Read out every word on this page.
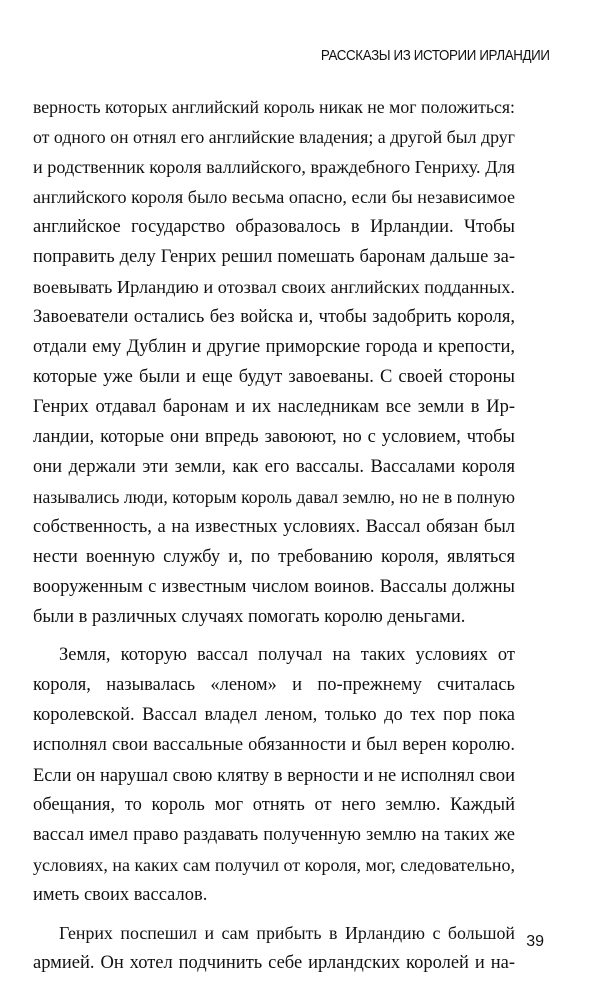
РАССКАЗЫ ИЗ ИСТОРИИ ИРЛАНДИИ
верность которых английский король никак не мог положиться:
от одного он отнял его английские владения; а другой был друг
и родственник короля валлийского, враждебного Генриху. Для
английского короля было весьма опасно, если бы независимое
английское государство образовалось в Ирландии. Чтобы
поправить делу Генрих решил помешать баронам дальше за-
воевывать Ирландию и отозвал своих английских подданных.
Завоеватели остались без войска и, чтобы задобрить короля,
отдали ему Дублин и другие приморские города и крепости,
которые уже были и еще будут завоеваны. С своей стороны
Генрих отдавал баронам и их наследникам все земли в Ир-
ландии, которые они впредь завоюют, но с условием, чтобы
они держали эти земли, как его вассалы. Вассалами короля
назывались люди, которым король давал землю, но не в полную
собственность, а на известных условиях. Вассал обязан был
нести военную службу и, по требованию короля, являться
вооруженным с известным числом воинов. Вассалы должны
были в различных случаях помогать королю деньгами.
Земля, которую вассал получал на таких условиях от
короля, называлась «леном» и по-прежнему считалась
королевской. Вассал владел леном, только до тех пор пока
исполнял свои вассальные обязанности и был верен королю.
Если он нарушал свою клятву в верности и не исполнял свои
обещания, то король мог отнять от него землю. Каждый
вассал имел право раздавать полученную землю на таких же
условиях, на каких сам получил от короля, мог, следовательно,
иметь своих вассалов.
Генрих поспешил и сам прибыть в Ирландию с большой
армией. Он хотел подчинить себе ирландских королей и на-
39
